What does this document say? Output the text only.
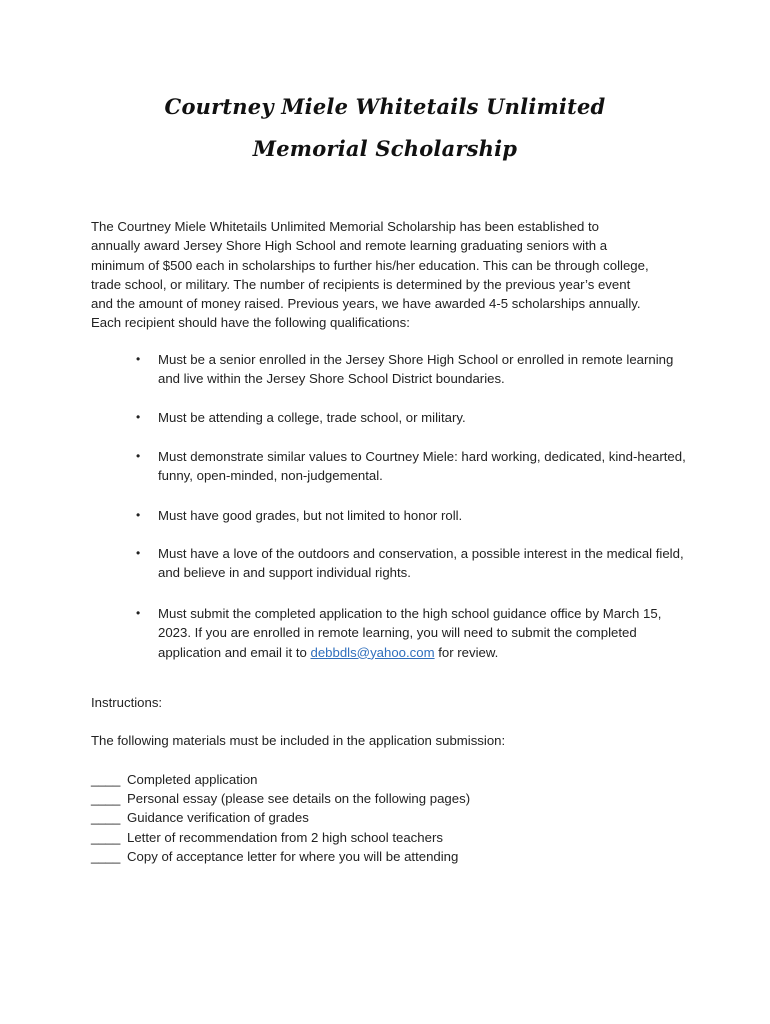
Courtney Miele Whitetails Unlimited
Memorial Scholarship

The Courtney Miele Whitetails Unlimited Memorial Scholarship has been established to annually award Jersey Shore High School and remote learning graduating seniors with a minimum of $500 each in scholarships to further his/her education. This can be through college, trade school, or military. The number of recipients is determined by the previous year’s event and the amount of money raised. Previous years, we have awarded 4-5 scholarships annually. Each recipient should have the following qualifications:

• Must be a senior enrolled in the Jersey Shore High School or enrolled in remote learning and live within the Jersey Shore School District boundaries.
• Must be attending a college, trade school, or military.
• Must demonstrate similar values to Courtney Miele: hard working, dedicated, kind-hearted, funny, open-minded, non-judgemental.
• Must have good grades, but not limited to honor roll.
• Must have a love of the outdoors and conservation, a possible interest in the medical field, and believe in and support individual rights.
• Must submit the completed application to the high school guidance office by March 15, 2023. If you are enrolled in remote learning, you will need to submit the completed application and email it to debbdls@yahoo.com for review.

Instructions:

The following materials must be included in the application submission:

____ Completed application
____ Personal essay (please see details on the following pages)
____ Guidance verification of grades
____ Letter of recommendation from 2 high school teachers
____ Copy of acceptance letter for where you will be attending
